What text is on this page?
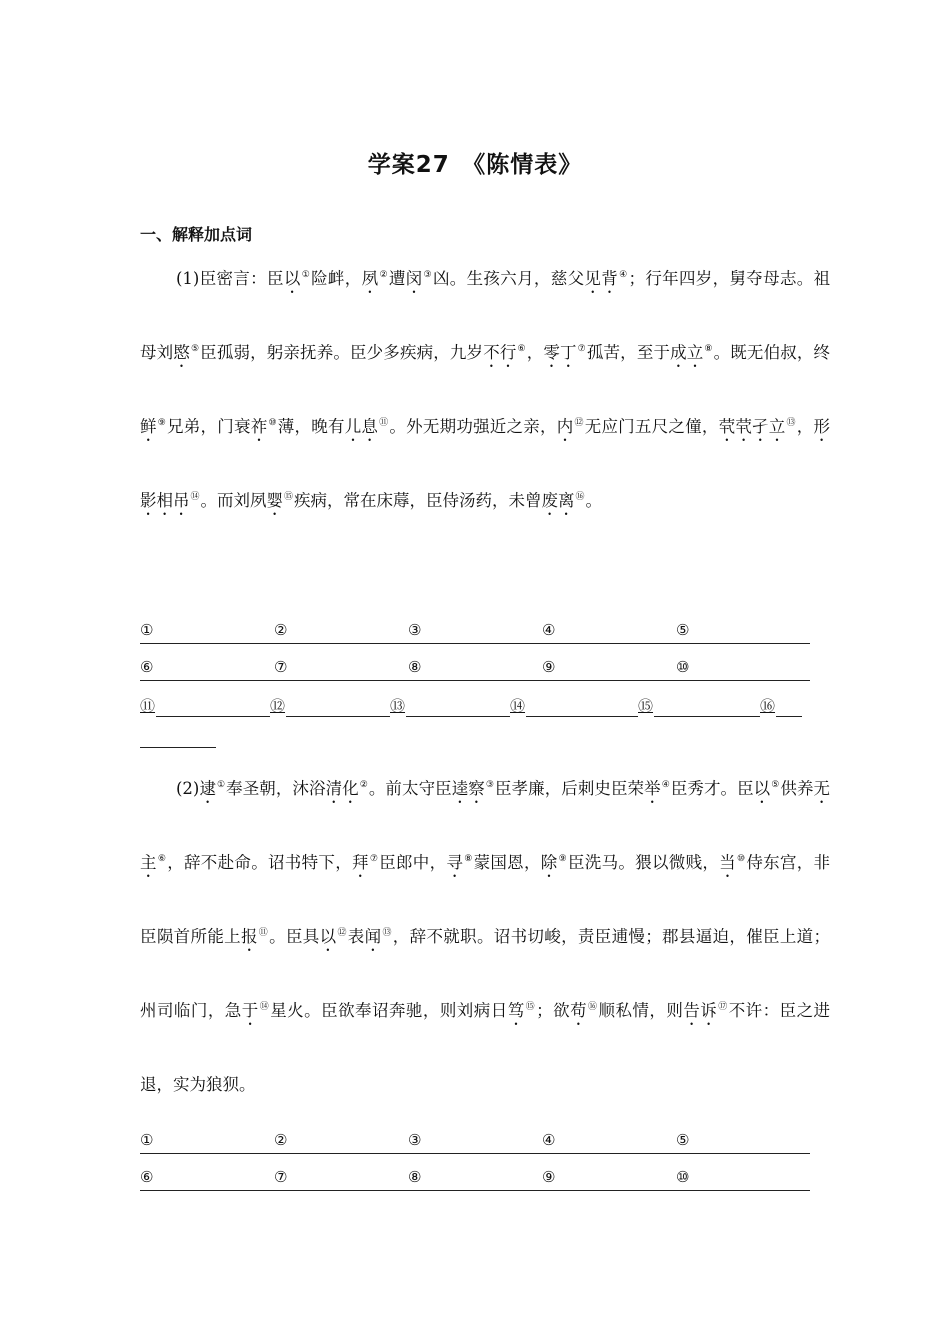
学案27　《陈情表》
一、解释加点词
(1)臣密言：臣以①险衅，夙②遭闵③凶。生孩六月，慈父见背④；行年四岁，舅夺母志。祖母刘愍⑤臣孤弱，躬亲抚养。臣少多疾病，九岁不行⑥，零丁⑦孤苦，至于成立⑧。既无伯叔，终鲜⑨兄弟，门衰祚⑩薄，晚有儿息⑪。外无期功强近之亲，内⑫无应门五尺之僮，茕茕孑立⑬，形影相吊⑭。而刘夙婴⑮疾病，常在床蓐，臣侍汤药，未曾废离⑯。
①	②	③	④	⑤
⑥	⑦	⑧	⑨	⑩
⑪	⑫	⑬	⑭	⑮	⑯
(2)逮①奉圣朝，沐浴清化②。前太守臣逵察③臣孝廉，后刺史臣荣举④臣秀才。臣以⑤供养无主⑥，辞不赴命。诏书特下，拜⑦臣郎中，寻⑧蒙国恩，除⑨臣洗马。猥以微贱，当⑩侍东宫，非臣陨首所能上报⑪。臣具以⑫表闻⑬，辞不就职。诏书切峻，责臣逋慢；郡县逼迫，催臣上道；州司临门，急于⑭星火。臣欲奉诏奔驰，则刘病日笃⑮；欲苟⑯顺私情，则告诉⑰不许：臣之进退，实为狼狈。
①	②	③	④	⑤
⑥	⑦	⑧	⑨	⑩
